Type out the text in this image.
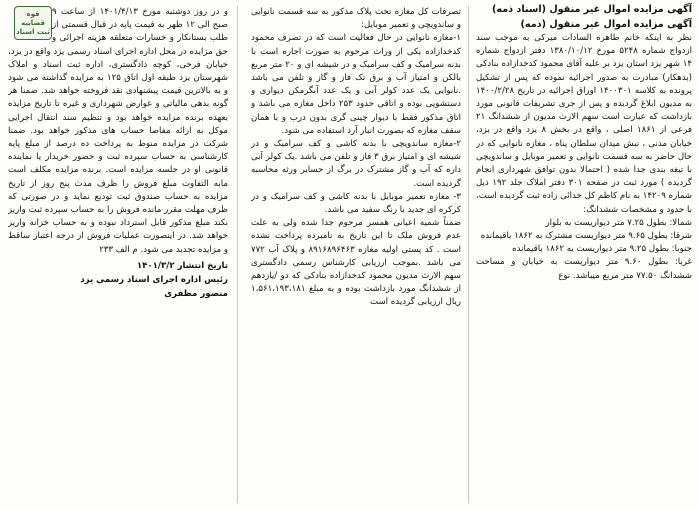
آگهی مزایده اموال غیر منقول (اسناد ذمه)
آگهی مزایده اموال غیر منقول (ذمه)

نظر به اینکه خانم طاهره السادات میرکی به موجب سند ازدواج شماره ۵۲۴۸ مورخ ۱۳۸۰/۱۰/۱۲ دفتر ازدواج شماره ۱۴ شهر یزد استان یزد بر علیه آقای محمود کدخدازاده بنادکی (بدهکار) مبادرت به صدور اجرائیه نموده که پس از تشکیل پرونده به کلاسه ۱۴۰۰۳۰۱ اوراق اجرائیه در تاریخ ۱۴۰۰/۲/۲۸ به مدیون ابلاغ گردیده و پس از جری تشریفات قانونی مورد بازداشت که عبارت است سهم الارث مدیون از ششدانگ ۲۱ فرعی از ۱۸۶۱ اصلی ، واقع در بخش ۸ یزد واقع در یزد، خیابان مدنی ، نبش میدان سلطان پناه ، مغازه نانوایی که در حال حاضر به سه قسمت نانوایی و تعمیر موبایل و ساندویچی با تیغه بندی جدا شده ( احتمالا بدون توافق شهرداری انجام گردیده ) مورد ثبت در صفحه ۳۰۱ دفتر املاک جلد ۱۹۲ ذیل شماره ۱۴۲۰۹ به نام کاظم کل خدائی زاده ثبت گردیده است، با حدود و مشخصات ششدانگ:

شمالا: بطول ۷.۲۵ متر دیواریست به بلوار

شرقا: بطول ۹.۶۵ متر دیواریست مشترک به ۱۸۶۲ باقیمانده

جنوبا: بطول ۹.۲۵ متر دیواریست به ۱۸۶۲ باقیمانده

غربا: بطول ۹.۶۰ متر دیواریست به خیابان و مساحت ششدانگ ۷۷.۵۰ متر مربع میباشد. نوع

تصرفات کل مغازه تحت پلاک مذکور به سه قسمت نانوایی و ساندویچی و تعمیر موبایل:

۱-مغازه نانوایی در حال فعالیت است که در تصرف محمود کدخدازاده یکی از وراث مرحوم به صورت اجاره است با بدنه سرامیک و کف سرامیک و در شیشه ای و ۲۰ متر مربع بالکن و امتیاز آب و برق تک فاز و گاز و تلفن می باشد .نانوایی یک عدد کولر آبی و یک عدد آبگرمکن دیواری و دستشویی بوده و اتاقی حدود ۲۵۳ داخل مغازه می باشد و اتاق مذکور فقط با دیوار چینی گری بدون درب و با همان سقف مغازه که بصورت انبار آرد استفاده می شود.

۲-مغازه ساندویچی با بدنه کاشی و کف سرامیک و در شیشه ای و امتیاز برق ۳ فاز و تلفن می باشد .یک کولر آبی داره که آب و گاز مشترک در برگ از حسابر ورثه محاسبه گردیده است.

۳- مغازه تعمیر موبایل با بدنه کاشی و کف سرامیک و در کرکره ای جدید با رنگ سفید می باشد.

ضمناً شمیه اعیانی همسر مرحوم جدا شده ولی به علت عدم فروش ملک تا این تاریخ به نامبرده پرداخت نشده است . کد پستی اولیه مغازه ۸۹۱۶۸۹۶۴۶۳ و پلاک آب ۷۷۲ می باشد .بموجب ارزیابی کارشناس رسمی دادگستری سهم الارث مدیون محمود کدخدازاده بنادکی که دو /یازدهم از ششدانگ مورد بازداشت بوده و به مبلغ ۱،۵۶۱،۱۹۳،۱۸۱ ریال ارزیابی گردیده است

قوه قضاییه
ثبت اسناد

و در روز دوشنبه مورخ ۱۴۰۱/۴/۱۳ از ساعت ۹ صبح الی ۱۲ ظهر به قیمت پایه در قبال قسمتی از طلب بستانکار و خسارات متعلقه هزینه اجرائی و حق مزایده در محل اداره اجرای اسناد رسمی یزد واقع در یزد، خیابان فرخی، کوچه دادگستری، اداره ثبت اسناد و املاک شهرستان یزد طبقه اول اتاق ۱۲۵ به مزایده گذاشته می شود و به بالاترین قیمت پیشنهادی نقد فروخته خواهد شد. ضمنا هر گونه بدهی مالیاتی و عوارض شهرداری و غیره تا تاریخ مزایده بعهده برنده مزایده خواهد بود و تنظیم سند انتقال اجرایی موکل به ارائه مفاصا حساب های مذکور خواهد بود. ضمنا شرکت در مزایده منوط به پرداخت ده درصد از مبلغ پایه کارشناسی به حساب سپرده ثبت و حضور خریدار یا نماینده قانونی او در جلسه مزایده است. برنده مزایده مکلف است مابه التفاوت مبلغ فروش را ظرف مدت پنج روز از تاریخ مزایده به حساب صندوق ثبت تودیع نماید و در صورتی که ظرف مهلت مقرر مانده فروش را به حساب سپرده ثبت واریز نکند مبلغ مذکور قابل استرداد نبوده و به حساب خزانه واریز خواهد شد. در اینصورت عملیات فروش از درجه اعتبار ساقط و مزایده تجدید می شود. م الف ۲۳۳

تاریخ انتشار ۱۴۰۱/۳/۲
رئیس اداره اجرای اسناد رسمی یزد
منصور مظفری
